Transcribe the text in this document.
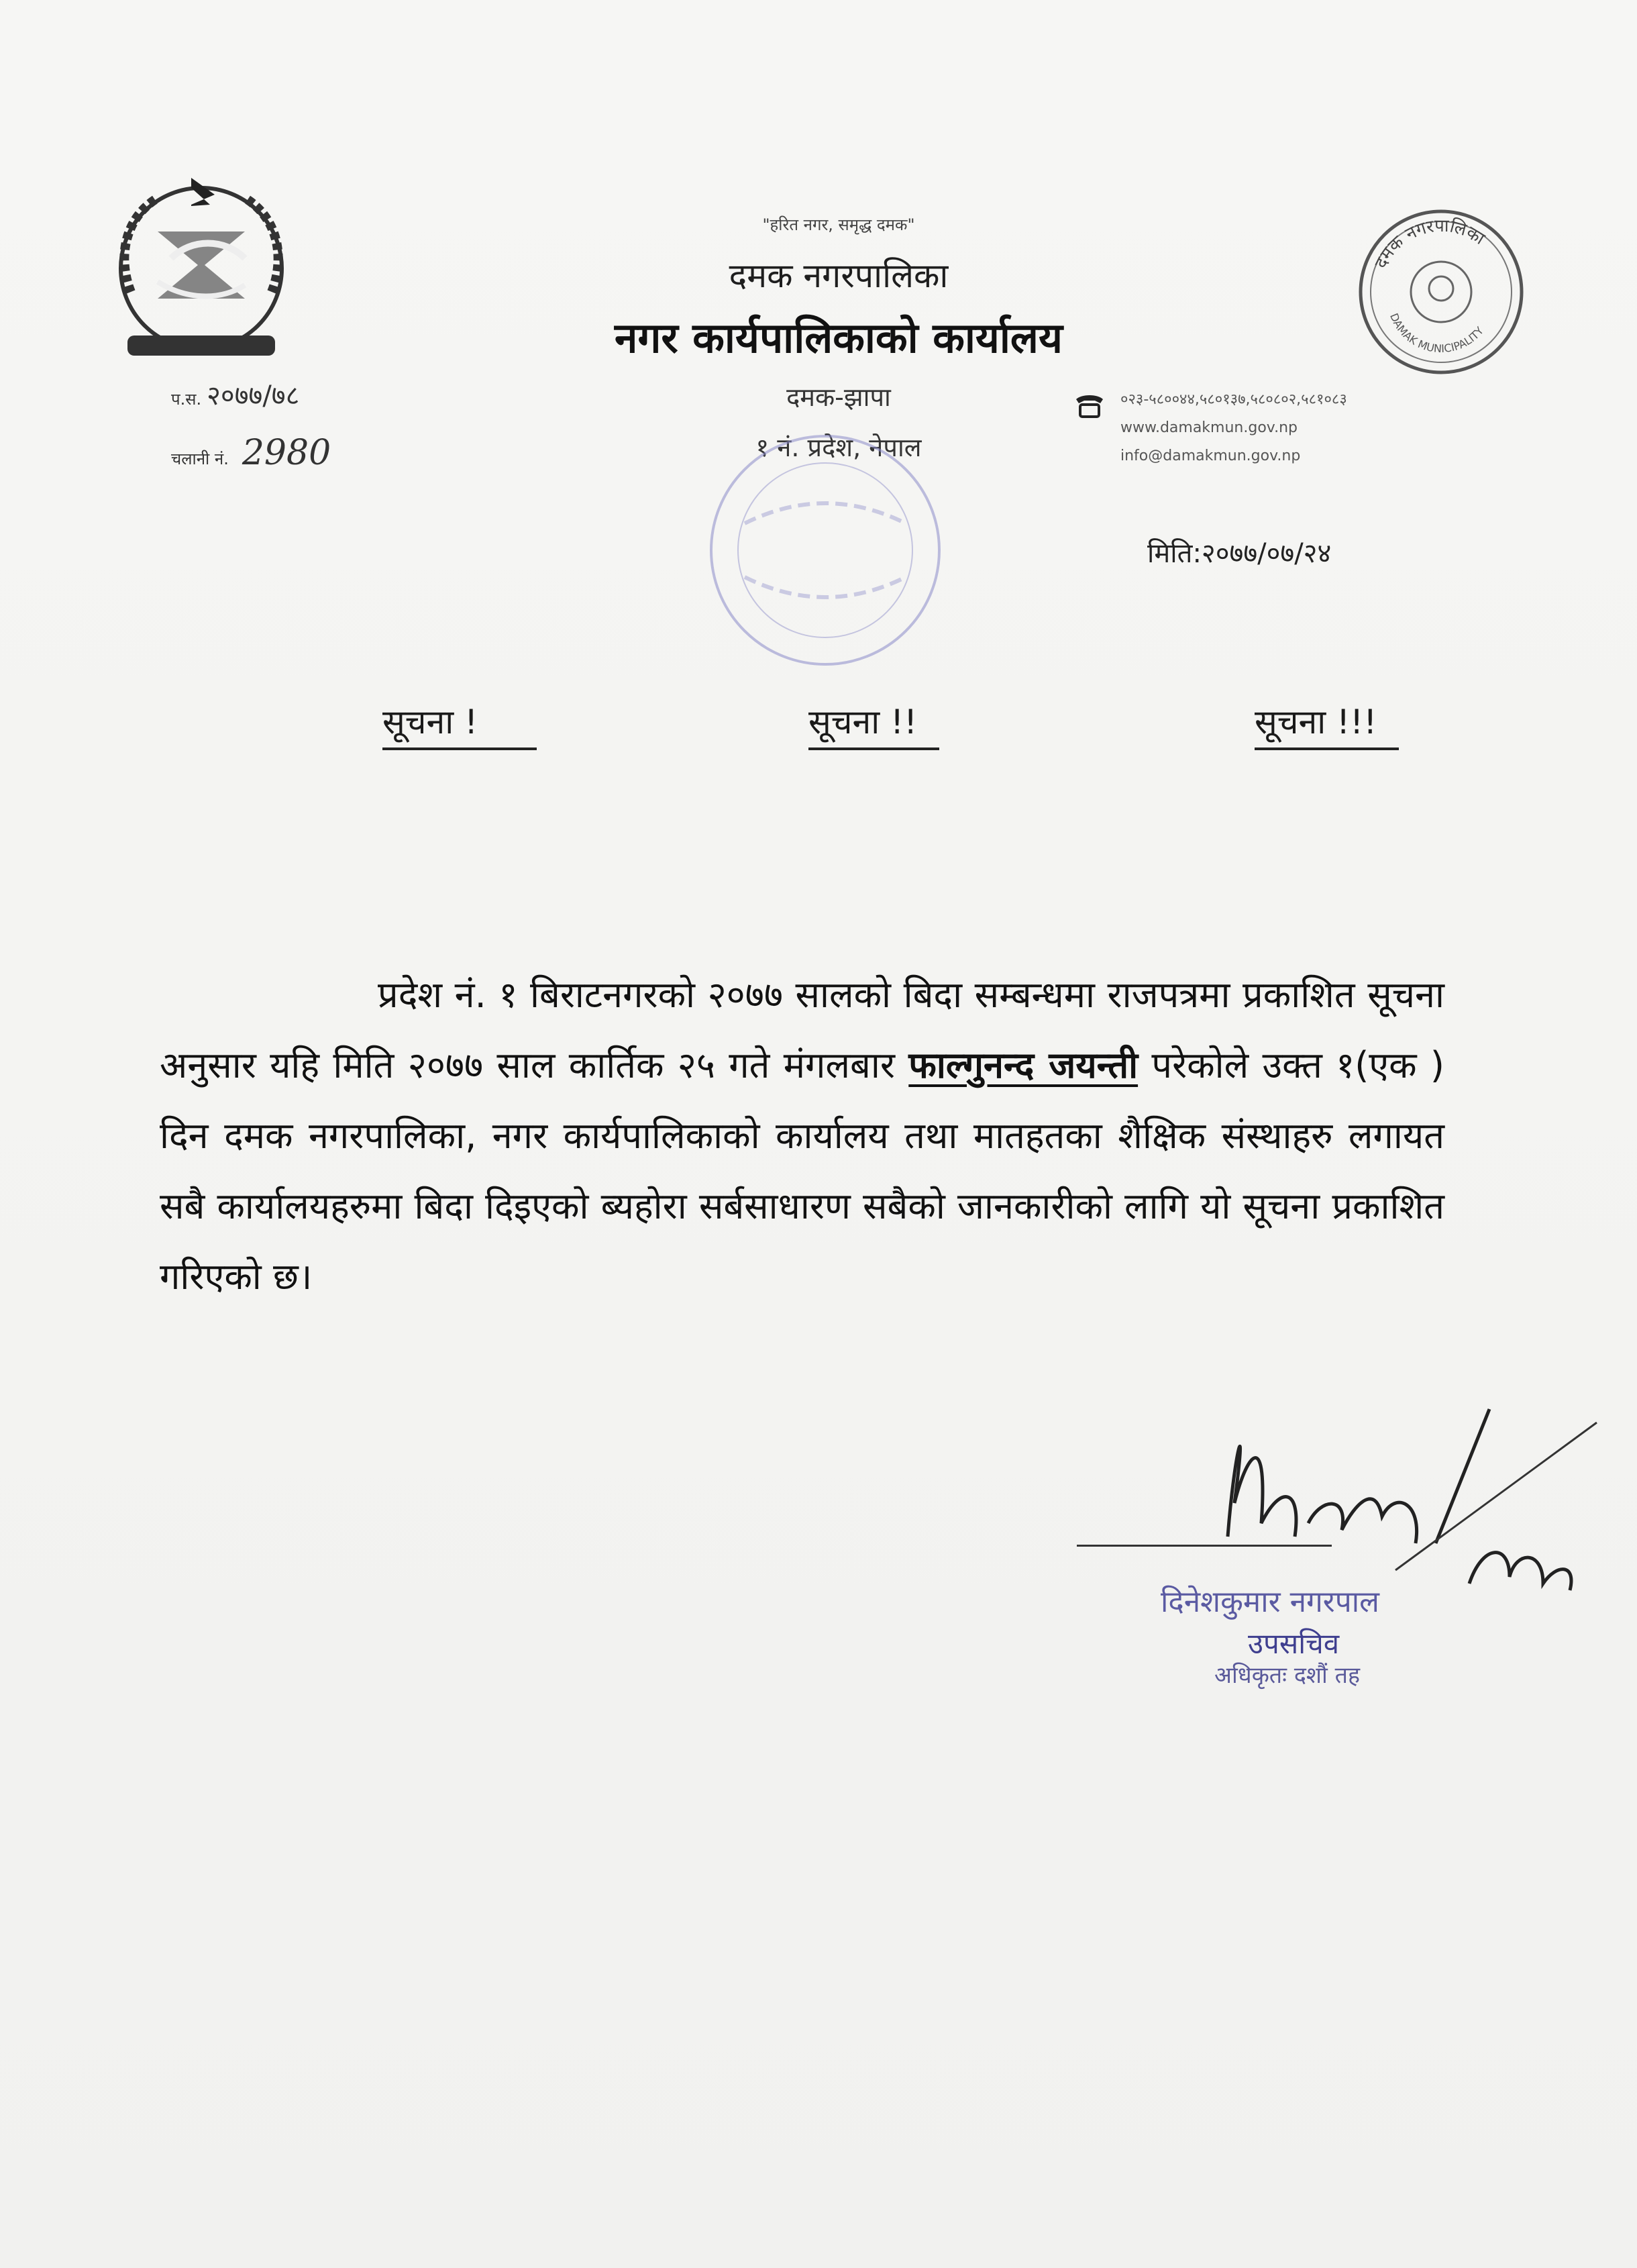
"हरित नगर, समृद्ध दमक"
दमक नगरपालिका
नगर कार्यपालिकाको कार्यालय
दमक-झापा
१ नं. प्रदेश, नेपाल
प.स. २०७७/७८
चलानी नं. 2980
दमक नगरपालिका
DAMAK MUNICIPALITY
०२३-५८००४४,५८०१३७,५८०८०२,५८१०८३
www.damakmun.gov.np
info@damakmun.gov.np
मिति:२०७७/०७/२४
सूचना !	सूचना !!	सूचना !!!
प्रदेश नं. १ बिराटनगरको २०७७ सालको बिदा सम्बन्धमा राजपत्रमा प्रकाशित सूचना अनुसार यहि मिति २०७७ साल कार्तिक २५ गते मंगलबार फाल्गुनन्द जयन्ती परेकोले उक्त १(एक ) दिन दमक नगरपालिका, नगर कार्यपालिकाको कार्यालय तथा मातहतका शैक्षिक संस्थाहरु लगायत सबै कार्यालयहरुमा बिदा दिइएको ब्यहोरा सर्बसाधारण सबैको जानकारीको लागि यो सूचना प्रकाशित गरिएको छ।
दिनेशकुमार नगरपाल
उपसचिव
अधिकृतः दशौं तह
